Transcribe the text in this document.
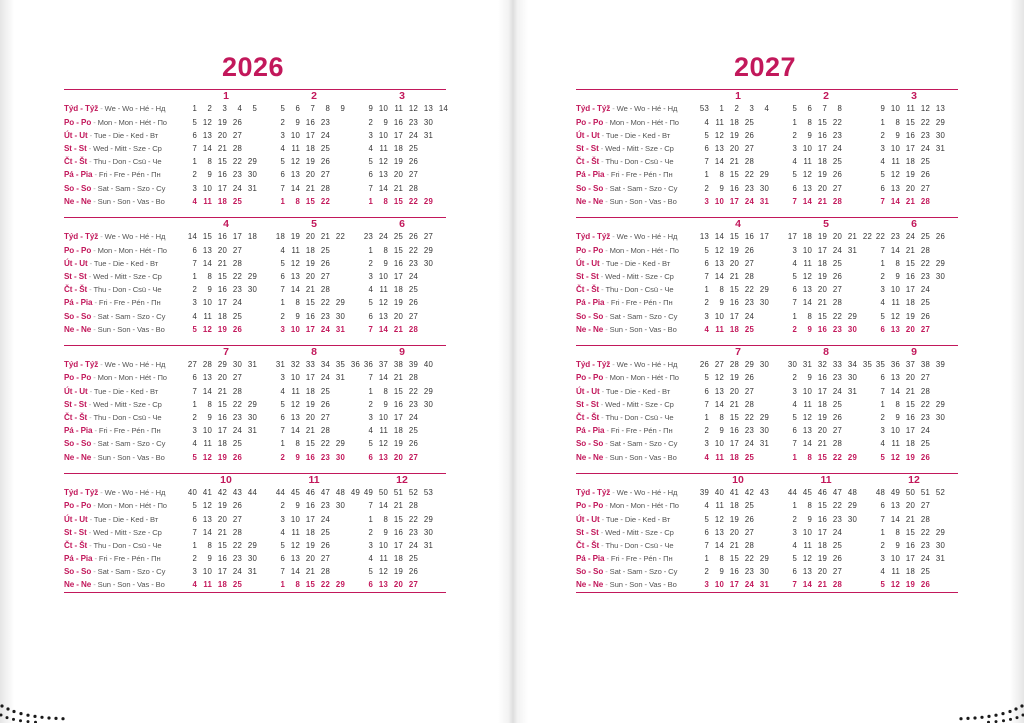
2026
	1	2	3
Týd - Týž - We - Wo - Hé - Нд	1 2 3 4 5	5 6 7 8 9	9 10 11 12 13 14
Po - Po - Mon - Mon - Hét - По	5 12 19 26	2 9 16 23	2 9 16 23 30
Út - Ut - Tue - Die - Ked - Вт	6 13 20 27	3 10 17 24	3 10 17 24 31
St - St - Wed - Mitt - Sze - Ср	7 14 21 28	4 11 18 25	4 11 18 25
Čt - Št - Thu - Don - Csü - Че	1 8 15 22 29	5 12 19 26	5 12 19 26
Pá - Pia - Fri - Fre - Pén - Пн	2 9 16 23 30	6 13 20 27	6 13 20 27
So - So - Sat - Sam - Szo - Су	3 10 17 24 31	7 14 21 28	7 14 21 28
Ne - Ne - Sun - Son - Vas - Во	4 11 18 25	1 8 15 22	1 8 15 22 29
	4	5	6
Týd - Týž - We - Wo - Hé - Нд	14 15 16 17 18	18 19 20 21 22	23 24 25 26 27
Po - Po - Mon - Mon - Hét - По	6 13 20 27	4 11 18 25	1 8 15 22 29
Út - Ut - Tue - Die - Ked - Вт	7 14 21 28	5 12 19 26	2 9 16 23 30
St - St - Wed - Mitt - Sze - Ср	1 8 15 22 29	6 13 20 27	3 10 17 24
Čt - Št - Thu - Don - Csü - Че	2 9 16 23 30	7 14 21 28	4 11 18 25
Pá - Pia - Fri - Fre - Pén - Пн	3 10 17 24	1 8 15 22 29	5 12 19 26
So - So - Sat - Sam - Szo - Су	4 11 18 25	2 9 16 23 30	6 13 20 27
Ne - Ne - Sun - Son - Vas - Во	5 12 19 26	3 10 17 24 31	7 14 21 28
	7	8	9
Týd - Týž - We - Wo - Hé - Нд	27 28 29 30 31	31 32 33 34 35 36	36 37 38 39 40
Po - Po - Mon - Mon - Hét - По	6 13 20 27	3 10 17 24 31	7 14 21 28
Út - Ut - Tue - Die - Ked - Вт	7 14 21 28	4 11 18 25	1 8 15 22 29
St - St - Wed - Mitt - Sze - Ср	1 8 15 22 29	5 12 19 26	2 9 16 23 30
Čt - Št - Thu - Don - Csü - Че	2 9 16 23 30	6 13 20 27	3 10 17 24
Pá - Pia - Fri - Fre - Pén - Пн	3 10 17 24 31	7 14 21 28	4 11 18 25
So - So - Sat - Sam - Szo - Су	4 11 18 25	1 8 15 22 29	5 12 19 26
Ne - Ne - Sun - Son - Vas - Во	5 12 19 26	2 9 16 23 30	6 13 20 27
	10	11	12
Týd - Týž - We - Wo - Hé - Нд	40 41 42 43 44	44 45 46 47 48 49	49 50 51 52 53
Po - Po - Mon - Mon - Hét - По	5 12 19 26	2 9 16 23 30	7 14 21 28
Út - Ut - Tue - Die - Ked - Вт	6 13 20 27	3 10 17 24	1 8 15 22 29
St - St - Wed - Mitt - Sze - Ср	7 14 21 28	4 11 18 25	2 9 16 23 30
Čt - Št - Thu - Don - Csü - Че	1 8 15 22 29	5 12 19 26	3 10 17 24 31
Pá - Pia - Fri - Fre - Pén - Пн	2 9 16 23 30	6 13 20 27	4 11 18 25
So - So - Sat - Sam - Szo - Су	3 10 17 24 31	7 14 21 28	5 12 19 26
Ne - Ne - Sun - Son - Vas - Во	4 11 18 25	1 8 15 22 29	6 13 20 27
2027
	1	2	3
Týd - Týž - We - Wo - Hé - Нд	53 1 2 3 4	5 6 7 8	9 10 11 12 13
Po - Po - Mon - Mon - Hét - По	4 11 18 25	1 8 15 22	1 8 15 22 29
Út - Ut - Tue - Die - Ked - Вт	5 12 19 26	2 9 16 23	2 9 16 23 30
St - St - Wed - Mitt - Sze - Ср	6 13 20 27	3 10 17 24	3 10 17 24 31
Čt - Št - Thu - Don - Csü - Че	7 14 21 28	4 11 18 25	4 11 18 25
Pá - Pia - Fri - Fre - Pén - Пн	1 8 15 22 29	5 12 19 26	5 12 19 26
So - So - Sat - Sam - Szo - Су	2 9 16 23 30	6 13 20 27	6 13 20 27
Ne - Ne - Sun - Son - Vas - Во	3 10 17 24 31	7 14 21 28	7 14 21 28
	4	5	6
Týd - Týž - We - Wo - Hé - Нд	13 14 15 16 17	17 18 19 20 21 22	22 23 24 25 26
Po - Po - Mon - Mon - Hét - По	5 12 19 26	3 10 17 24 31	7 14 21 28
Út - Ut - Tue - Die - Ked - Вт	6 13 20 27	4 11 18 25	1 8 15 22 29
St - St - Wed - Mitt - Sze - Ср	7 14 21 28	5 12 19 26	2 9 16 23 30
Čt - Št - Thu - Don - Csü - Че	1 8 15 22 29	6 13 20 27	3 10 17 24
Pá - Pia - Fri - Fre - Pén - Пн	2 9 16 23 30	7 14 21 28	4 11 18 25
So - So - Sat - Sam - Szo - Су	3 10 17 24	1 8 15 22 29	5 12 19 26
Ne - Ne - Sun - Son - Vas - Во	4 11 18 25	2 9 16 23 30	6 13 20 27
	7	8	9
Týd - Týž - We - Wo - Hé - Нд	26 27 28 29 30	30 31 32 33 34 35	35 36 37 38 39
Po - Po - Mon - Mon - Hét - По	5 12 19 26	2 9 16 23 30	6 13 20 27
Út - Ut - Tue - Die - Ked - Вт	6 13 20 27	3 10 17 24 31	7 14 21 28
St - St - Wed - Mitt - Sze - Ср	7 14 21 28	4 11 18 25	1 8 15 22 29
Čt - Št - Thu - Don - Csü - Че	1 8 15 22 29	5 12 19 26	2 9 16 23 30
Pá - Pia - Fri - Fre - Pén - Пн	2 9 16 23 30	6 13 20 27	3 10 17 24
So - So - Sat - Sam - Szo - Су	3 10 17 24 31	7 14 21 28	4 11 18 25
Ne - Ne - Sun - Son - Vas - Во	4 11 18 25	1 8 15 22 29	5 12 19 26
	10	11	12
Týd - Týž - We - Wo - Hé - Нд	39 40 41 42 43	44 45 46 47 48	48 49 50 51 52
Po - Po - Mon - Mon - Hét - По	4 11 18 25	1 8 15 22 29	6 13 20 27
Út - Ut - Tue - Die - Ked - Вт	5 12 19 26	2 9 16 23 30	7 14 21 28
St - St - Wed - Mitt - Sze - Ср	6 13 20 27	3 10 17 24	1 8 15 22 29
Čt - Št - Thu - Don - Csü - Че	7 14 21 28	4 11 18 25	2 9 16 23 30
Pá - Pia - Fri - Fre - Pén - Пн	1 8 15 22 29	5 12 19 26	3 10 17 24 31
So - So - Sat - Sam - Szo - Су	2 9 16 23 30	6 13 20 27	4 11 18 25
Ne - Ne - Sun - Son - Vas - Во	3 10 17 24 31	7 14 21 28	5 12 19 26
